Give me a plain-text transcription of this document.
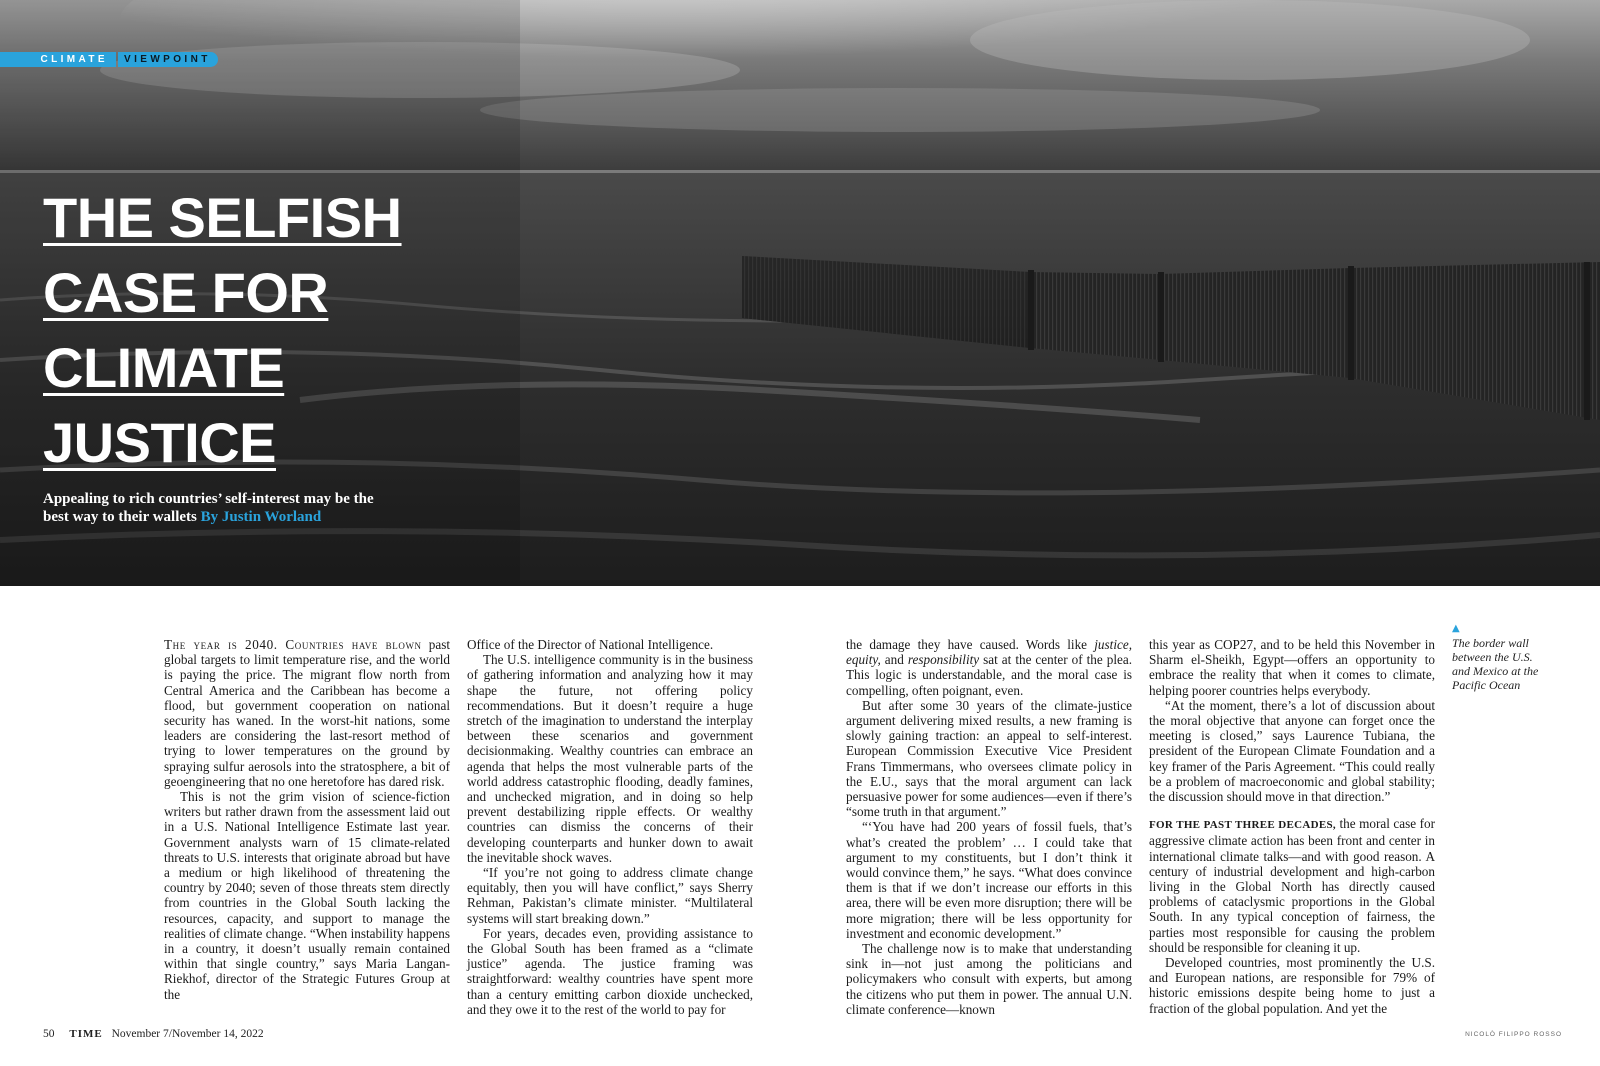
CLIMATE	VIEWPOINT
THE SELFISH
CASE FOR
CLIMATE
JUSTICE

Appealing to rich countries’ self-interest may be the best way to their wallets By Justin Worland

The year is 2040. Countries have blown past global targets to limit temperature rise, and the world is paying the price. The migrant flow north from Central America and the Caribbean has become a flood, but government cooperation on national security has waned. In the worst-hit nations, some leaders are considering the last-resort method of trying to lower temperatures on the ground by spraying sulfur aerosols into the stratosphere, a bit of geoengineering that no one heretofore has dared risk.

This is not the grim vision of science-fiction writers but rather drawn from the assessment laid out in a U.S. National Intelligence Estimate last year. Government analysts warn of 15 climate-related threats to U.S. interests that originate abroad but have a medium or high likelihood of threatening the country by 2040; seven of those threats stem directly from countries in the Global South lacking the resources, capacity, and support to manage the realities of climate change. “When instability happens in a country, it doesn’t usually remain contained within that single country,” says Maria Langan-Riekhof, director of the Strategic Futures Group at the

Office of the Director of National Intelligence.

The U.S. intelligence community is in the business of gathering information and analyzing how it may shape the future, not offering policy recommendations. But it doesn’t require a huge stretch of the imagination to understand the interplay between these scenarios and government decisionmaking. Wealthy countries can embrace an agenda that helps the most vulnerable parts of the world address catastrophic flooding, deadly famines, and unchecked migration, and in doing so help prevent destabilizing ripple effects. Or wealthy countries can dismiss the concerns of their developing counterparts and hunker down to await the inevitable shock waves.

“If you’re not going to address climate change equitably, then you will have conflict,” says Sherry Rehman, Pakistan’s climate minister. “Multilateral systems will start breaking down.”

For years, decades even, providing assistance to the Global South has been framed as a “climate justice” agenda. The justice framing was straightforward: wealthy countries have spent more than a century emitting carbon dioxide unchecked, and they owe it to the rest of the world to pay for

the damage they have caused. Words like justice, equity, and responsibility sat at the center of the plea. This logic is understandable, and the moral case is compelling, often poignant, even.

But after some 30 years of the climate-justice argument delivering mixed results, a new framing is slowly gaining traction: an appeal to self-interest. European Commission Executive Vice President Frans Timmermans, who oversees climate policy in the E.U., says that the moral argument can lack persuasive power for some audiences—even if there’s “some truth in that argument.”

“‘You have had 200 years of fossil fuels, that’s what’s created the problem’ … I could take that argument to my constituents, but I don’t think it would convince them,” he says. “What does convince them is that if we don’t increase our efforts in this area, there will be even more disruption; there will be more migration; there will be less opportunity for investment and economic development.”

The challenge now is to make that understanding sink in—not just among the politicians and policymakers who consult with experts, but among the citizens who put them in power. The annual U.N. climate conference—known

this year as COP27, and to be held this November in Sharm el-Sheikh, Egypt—offers an opportunity to embrace the reality that when it comes to climate, helping poorer countries helps everybody.

“At the moment, there’s a lot of discussion about the moral objective that anyone can forget once the meeting is closed,” says Laurence Tubiana, the president of the European Climate Foundation and a key framer of the Paris Agreement. “This could really be a problem of macroeconomic and global stability; the discussion should move in that direction.”

FOR THE PAST THREE DECADES, the moral case for aggressive climate action has been front and center in international climate talks—and with good reason. A century of industrial development and high-carbon living in the Global North has directly caused problems of cataclysmic proportions in the Global South. In any typical conception of fairness, the parties most responsible for causing the problem should be responsible for cleaning it up.

Developed countries, most prominently the U.S. and European nations, are responsible for 79% of historic emissions despite being home to just a fraction of the global population. And yet the

▲

The border wall between the U.S. and Mexico at the Pacific Ocean

50 TIME November 7/November 14, 2022	NICOLÒ FILIPPO ROSSO
